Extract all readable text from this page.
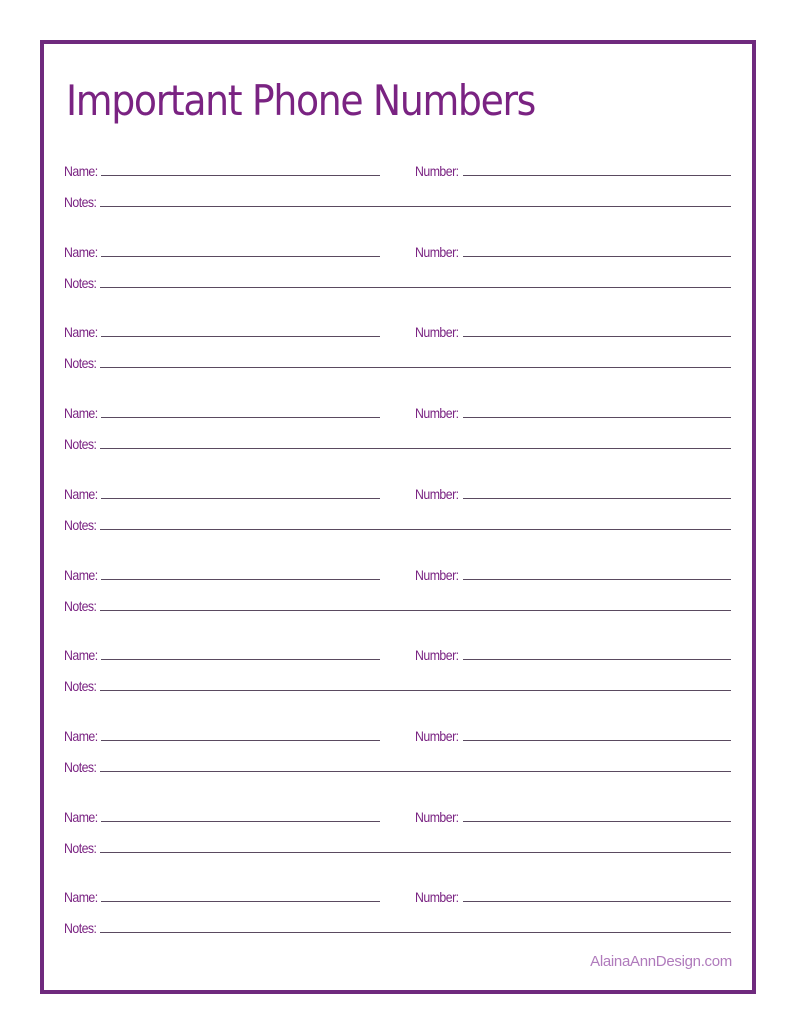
Important Phone Numbers
Name:	Number:
Notes:
Name:	Number:
Notes:
Name:	Number:
Notes:
Name:	Number:
Notes:
Name:	Number:
Notes:
Name:	Number:
Notes:
Name:	Number:
Notes:
Name:	Number:
Notes:
Name:	Number:
Notes:
Name:	Number:
Notes:
AlainaAnnDesign.com
